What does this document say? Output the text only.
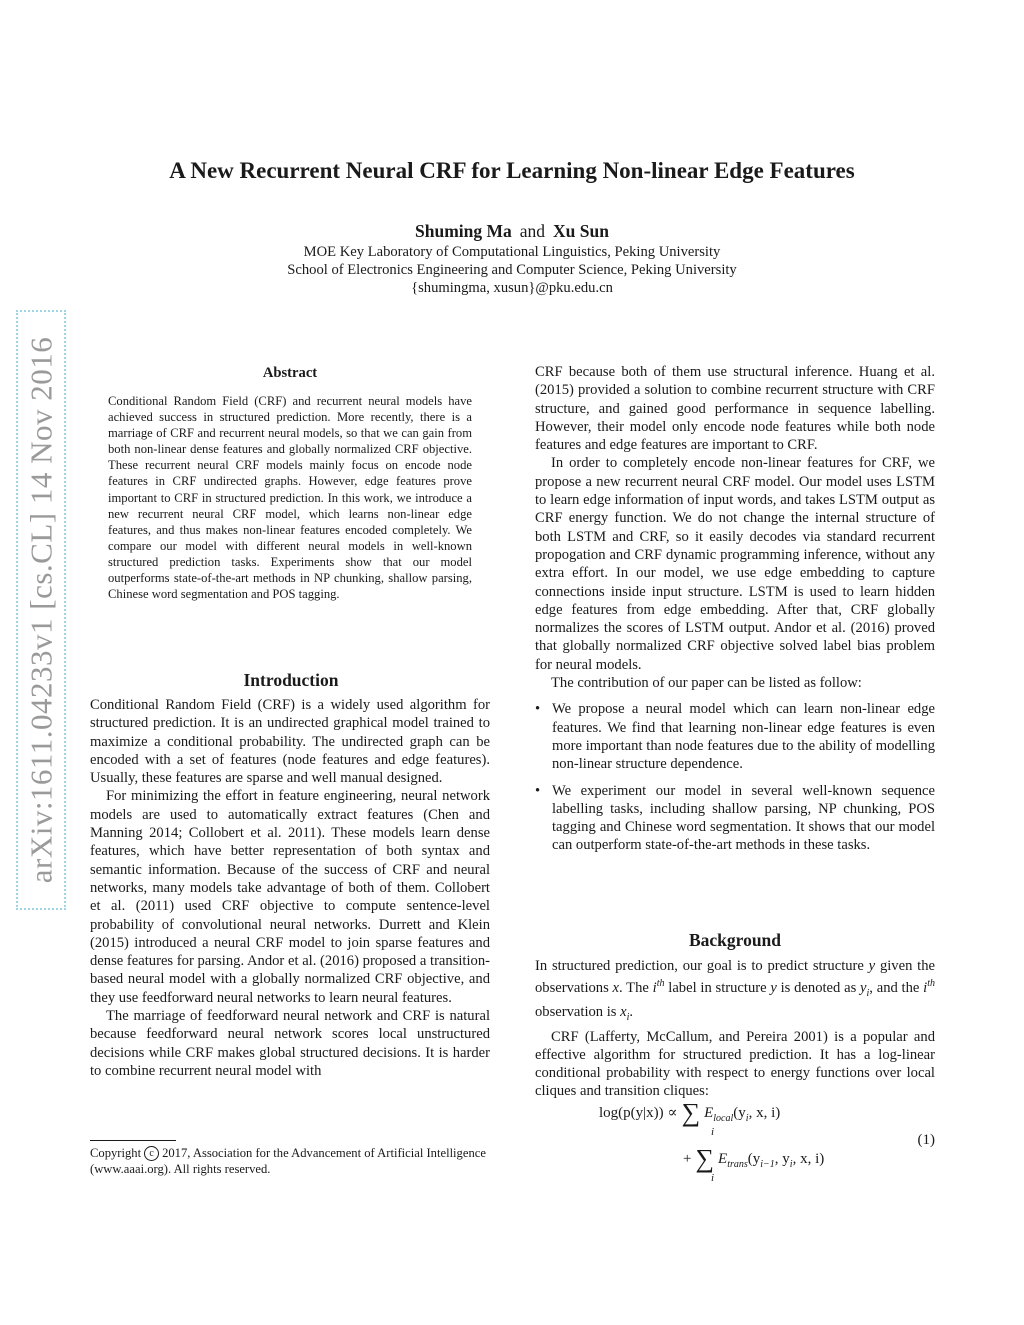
arXiv:1611.04233v1 [cs.CL] 14 Nov 2016
A New Recurrent Neural CRF for Learning Non-linear Edge Features
Shuming Ma and Xu Sun
MOE Key Laboratory of Computational Linguistics, Peking University
School of Electronics Engineering and Computer Science, Peking University
{shumingma, xusun}@pku.edu.cn
Abstract
Conditional Random Field (CRF) and recurrent neural models have achieved success in structured prediction. More recently, there is a marriage of CRF and recurrent neural models, so that we can gain from both non-linear dense features and globally normalized CRF objective. These recurrent neural CRF models mainly focus on encode node features in CRF undirected graphs. However, edge features prove important to CRF in structured prediction. In this work, we introduce a new recurrent neural CRF model, which learns non-linear edge features, and thus makes non-linear features encoded completely. We compare our model with different neural models in well-known structured prediction tasks. Experiments show that our model outperforms state-of-the-art methods in NP chunking, shallow parsing, Chinese word segmentation and POS tagging.
Introduction

Conditional Random Field (CRF) is a widely used algorithm for structured prediction. It is an undirected graphical model trained to maximize a conditional probability. The undirected graph can be encoded with a set of features (node features and edge features). Usually, these features are sparse and well manual designed.

For minimizing the effort in feature engineering, neural network models are used to automatically extract features (Chen and Manning 2014; Collobert et al. 2011). These models learn dense features, which have better representation of both syntax and semantic information. Because of the success of CRF and neural networks, many models take advantage of both of them. Collobert et al. (2011) used CRF objective to compute sentence-level probability of convolutional neural networks. Durrett and Klein (2015) introduced a neural CRF model to join sparse features and dense features for parsing. Andor et al. (2016) proposed a transition-based neural model with a globally normalized CRF objective, and they use feedforward neural networks to learn neural features.

The marriage of feedforward neural network and CRF is natural because feedforward neural network scores local unstructured decisions while CRF makes global structured decisions. It is harder to combine recurrent neural model with

Copyright c 2017, Association for the Advancement of Artificial Intelligence (www.aaai.org). All rights reserved.

CRF because both of them use structural inference. Huang et al. (2015) provided a solution to combine recurrent structure with CRF structure, and gained good performance in sequence labelling. However, their model only encode node features while both node features and edge features are important to CRF.

In order to completely encode non-linear features for CRF, we propose a new recurrent neural CRF model. Our model uses LSTM to learn edge information of input words, and takes LSTM output as CRF energy function. We do not change the internal structure of both LSTM and CRF, so it easily decodes via standard recurrent propogation and CRF dynamic programming inference, without any extra effort. In our model, we use edge embedding to capture connections inside input structure. LSTM is used to learn hidden edge features from edge embedding. After that, CRF globally normalizes the scores of LSTM output. Andor et al. (2016) proved that globally normalized CRF objective solved label bias problem for neural models.

The contribution of our paper can be listed as follow:

• We propose a neural model which can learn non-linear edge features. We find that learning non-linear edge features is even more important than node features due to the ability of modelling non-linear structure dependence.
• We experiment our model in several well-known sequence labelling tasks, including shallow parsing, NP chunking, POS tagging and Chinese word segmentation. It shows that our model can outperform state-of-the-art methods in these tasks.
Background

In structured prediction, our goal is to predict structure y given the observations x. The $i^{th}$ label in structure y is denoted as $y_i$, and the $i^{th}$ observation is $x_i$.

CRF (Lafferty, McCallum, and Pereira 2001) is a popular and effective algorithm for structured prediction. It has a log-linear conditional probability with respect to energy functions over local cliques and transition cliques:

log(p(y|x)) ∝ ∑ $E_{local}(y_i$, x, i)
i
+ ∑ $E_{trans}(y_{i-1}$, $y_i$, x, i)
i
(1)
